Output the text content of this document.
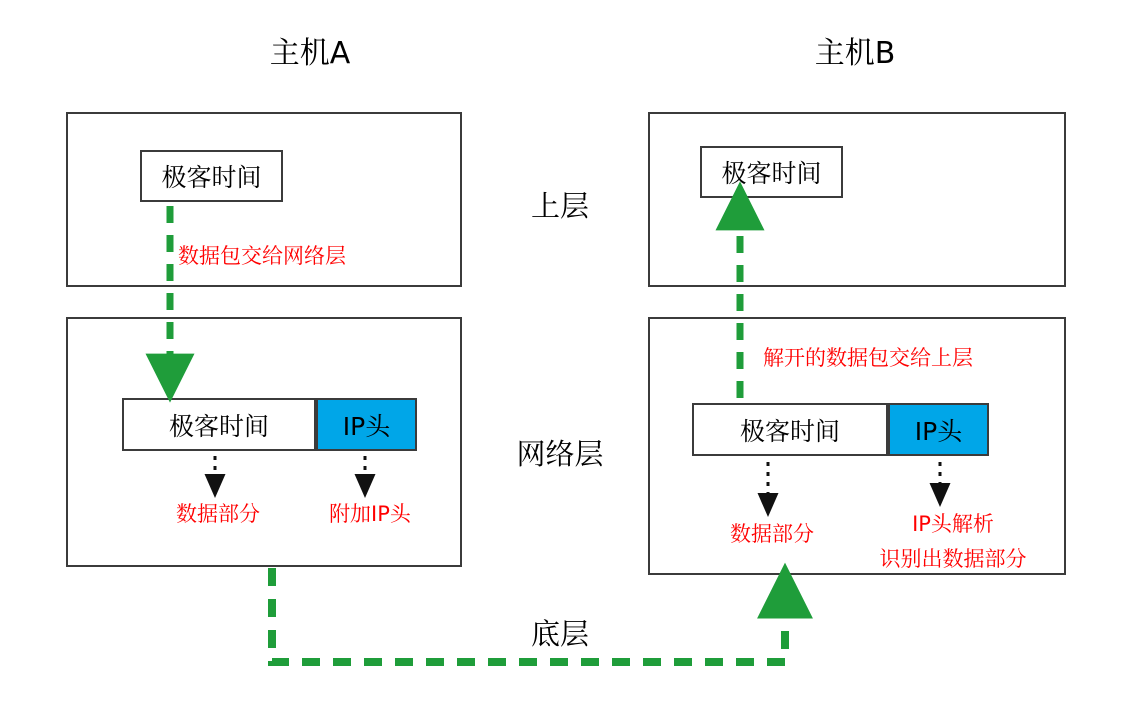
主机A	主机B
上层
网络层
底层
极客时间
数据包交给网络层
极客时间	IP头
数据部分	附加IP头
极客时间
解开的数据包交给上层
极客时间	IP头
数据部分	IP头解析
识别出数据部分
